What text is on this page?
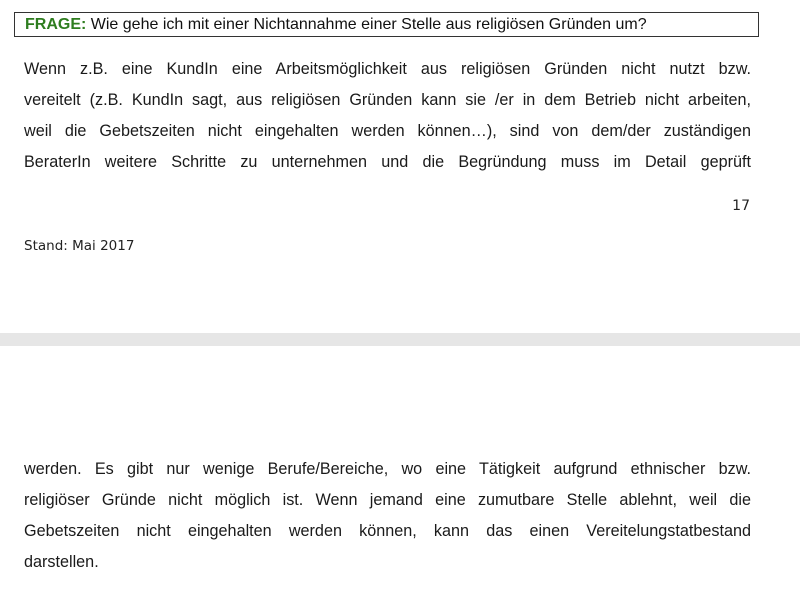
FRAGE: Wie gehe ich mit einer Nichtannahme einer Stelle aus religiösen Gründen um?

Wenn z.B. eine KundIn eine Arbeitsmöglichkeit aus religiösen Gründen nicht nutzt bzw.
vereitelt (z.B. KundIn sagt, aus religiösen Gründen kann sie /er in dem Betrieb nicht arbeiten,
weil die Gebetszeiten nicht eingehalten werden können…), sind von dem/der zuständigen
BeraterIn weitere Schritte zu unternehmen und die Begründung muss im Detail geprüft

17
Stand: Mai 2017

werden. Es gibt nur wenige Berufe/Bereiche, wo eine Tätigkeit aufgrund ethnischer bzw.
religiöser Gründe nicht möglich ist. Wenn jemand eine zumutbare Stelle ablehnt, weil die
Gebetszeiten nicht eingehalten werden können, kann das einen Vereitelungstatbestand
darstellen.
